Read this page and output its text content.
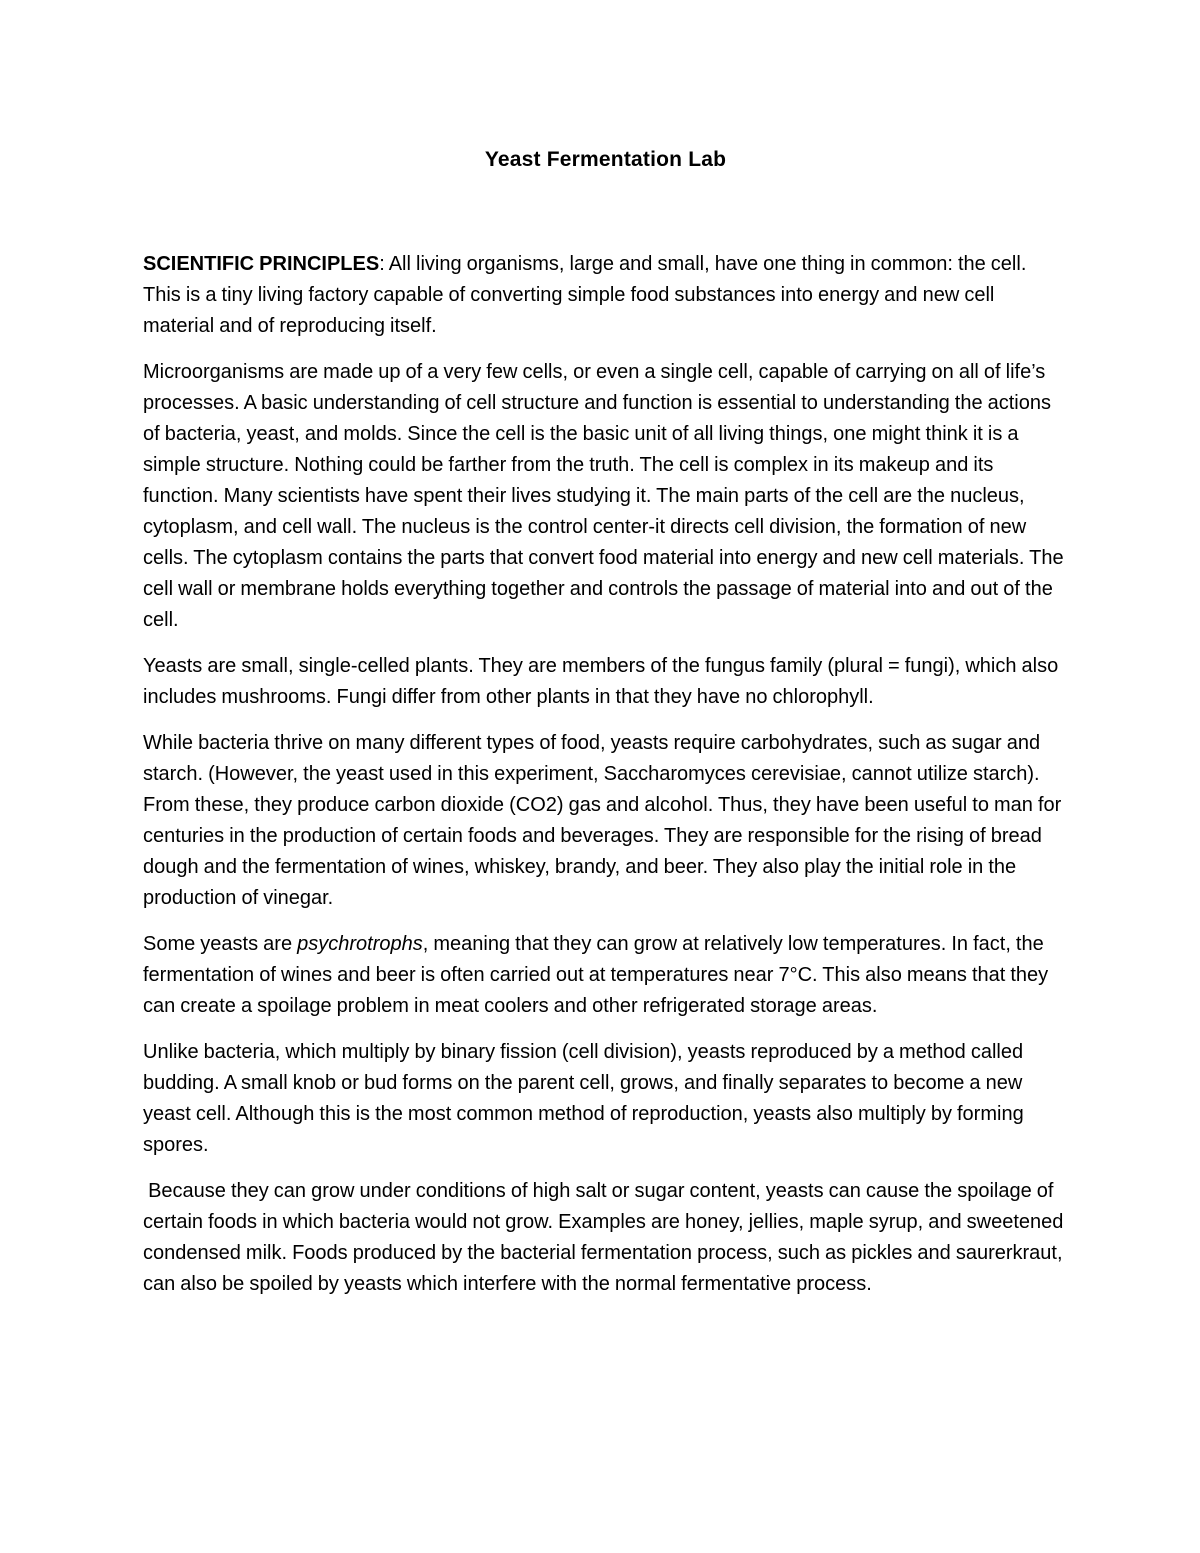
Yeast Fermentation Lab

SCIENTIFIC PRINCIPLES: All living organisms, large and small, have one thing in common: the cell. This is a tiny living factory capable of converting simple food substances into energy and new cell material and of reproducing itself.

Microorganisms are made up of a very few cells, or even a single cell, capable of carrying on all of life’s processes. A basic understanding of cell structure and function is essential to understanding the actions of bacteria, yeast, and molds. Since the cell is the basic unit of all living things, one might think it is a simple structure. Nothing could be farther from the truth. The cell is complex in its makeup and its function. Many scientists have spent their lives studying it. The main parts of the cell are the nucleus, cytoplasm, and cell wall. The nucleus is the control center-it directs cell division, the formation of new cells. The cytoplasm contains the parts that convert food material into energy and new cell materials. The cell wall or membrane holds everything together and controls the passage of material into and out of the cell.

Yeasts are small, single-celled plants. They are members of the fungus family (plural = fungi), which also includes mushrooms. Fungi differ from other plants in that they have no chlorophyll.

While bacteria thrive on many different types of food, yeasts require carbohydrates, such as sugar and starch. (However, the yeast used in this experiment, Saccharomyces cerevisiae, cannot utilize starch). From these, they produce carbon dioxide (CO2) gas and alcohol. Thus, they have been useful to man for centuries in the production of certain foods and beverages. They are responsible for the rising of bread dough and the fermentation of wines, whiskey, brandy, and beer. They also play the initial role in the production of vinegar.

Some yeasts are psychrotrophs, meaning that they can grow at relatively low temperatures. In fact, the fermentation of wines and beer is often carried out at temperatures near 7°C. This also means that they can create a spoilage problem in meat coolers and other refrigerated storage areas.

Unlike bacteria, which multiply by binary fission (cell division), yeasts reproduced by a method called budding. A small knob or bud forms on the parent cell, grows, and finally separates to become a new yeast cell. Although this is the most common method of reproduction, yeasts also multiply by forming spores.

Because they can grow under conditions of high salt or sugar content, yeasts can cause the spoilage of certain foods in which bacteria would not grow. Examples are honey, jellies, maple syrup, and sweetened condensed milk. Foods produced by the bacterial fermentation process, such as pickles and saurerkraut, can also be spoiled by yeasts which interfere with the normal fermentative process.
